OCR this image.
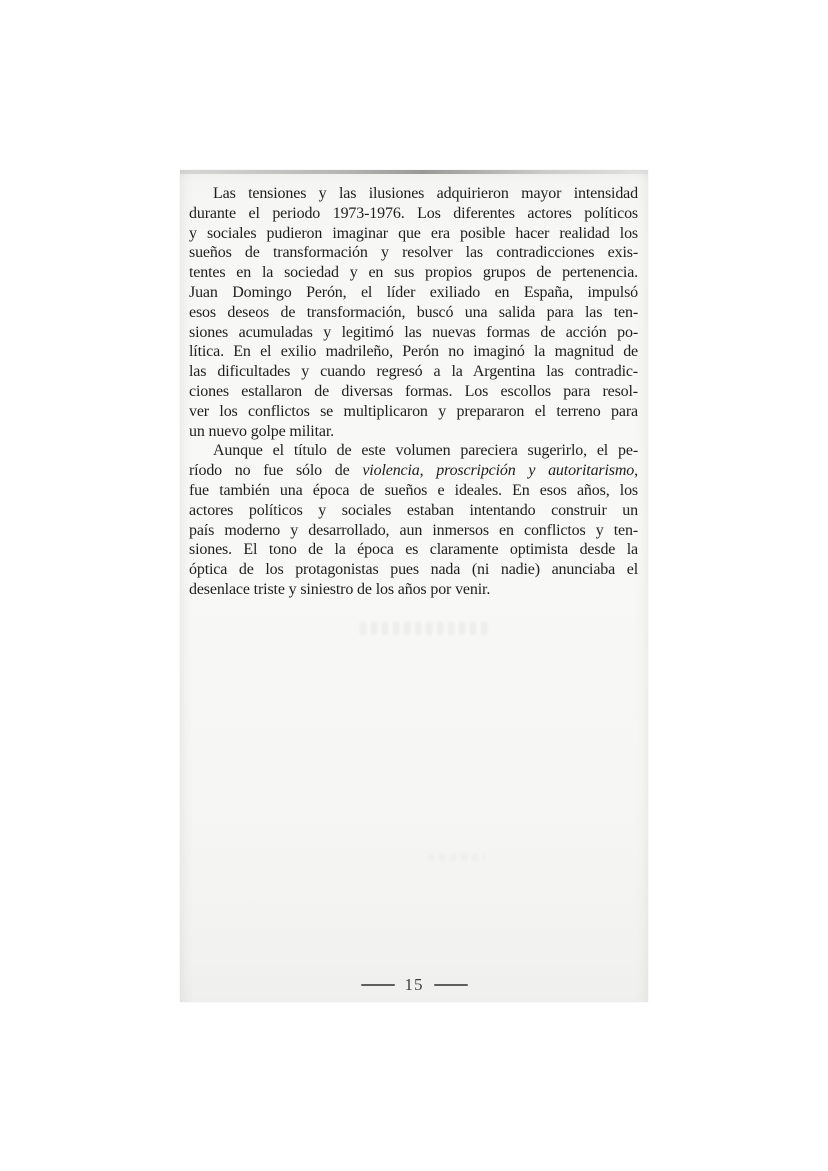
Las tensiones y las ilusiones adquirieron mayor intensidad
durante el periodo 1973-1976. Los diferentes actores políticos
y sociales pudieron imaginar que era posible hacer realidad los
sueños de transformación y resolver las contradicciones exis-
tentes en la sociedad y en sus propios grupos de pertenencia.
Juan Domingo Perón, el líder exiliado en España, impulsó
esos deseos de transformación, buscó una salida para las ten-
siones acumuladas y legitimó las nuevas formas de acción po-
lítica. En el exilio madrileño, Perón no imaginó la magnitud de
las dificultades y cuando regresó a la Argentina las contradic-
ciones estallaron de diversas formas. Los escollos para resol-
ver los conflictos se multiplicaron y prepararon el terreno para
un nuevo golpe militar.
Aunque el título de este volumen pareciera sugerirlo, el pe-
ríodo no fue sólo de violencia, proscripción y autoritarismo,
fue también una época de sueños e ideales. En esos años, los
actores políticos y sociales estaban intentando construir un
país moderno y desarrollado, aun inmersos en conflictos y ten-
siones. El tono de la época es claramente optimista desde la
óptica de los protagonistas pues nada (ni nadie) anunciaba el
desenlace triste y siniestro de los años por venir.
15
